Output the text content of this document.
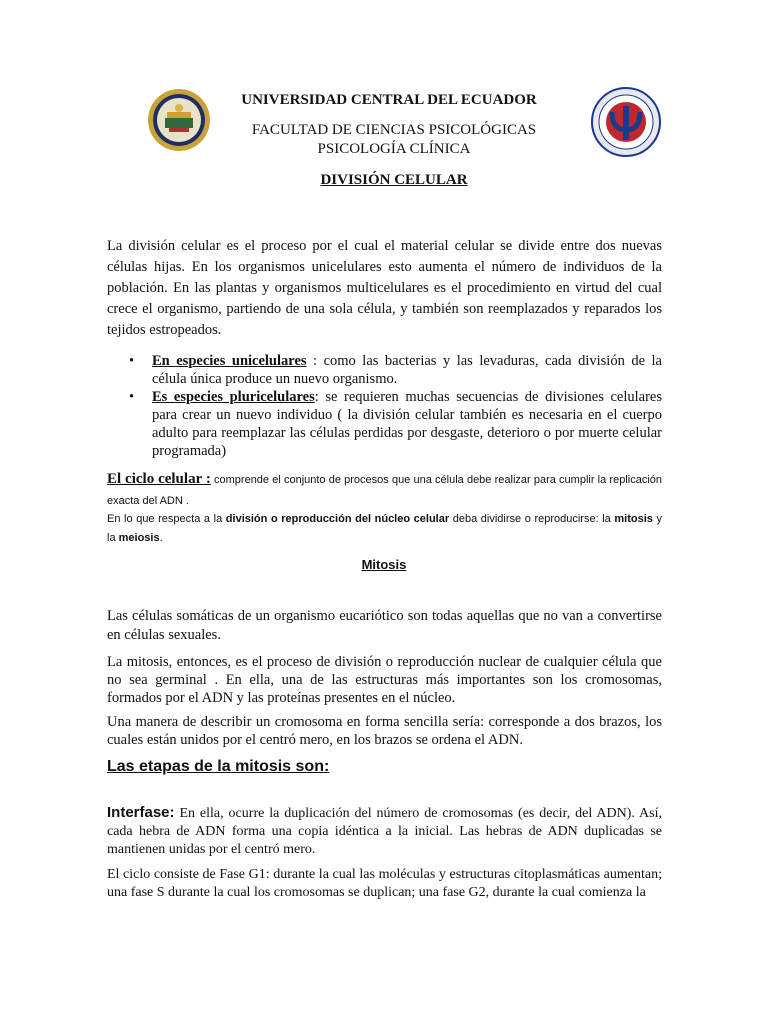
UNIVERSIDAD CENTRAL DEL ECUADOR
FACULTAD DE CIENCIAS PSICOLÓGICAS
PSICOLOGÍA CLÍNICA
DIVISIÓN CELULAR
La división celular es el proceso por el cual el material celular se divide entre dos nuevas células hijas. En los organismos unicelulares esto aumenta el número de individuos de la población. En las plantas y organismos multicelulares es el procedimiento en virtud del cual crece el organismo, partiendo de una sola célula, y también son reemplazados y reparados los tejidos estropeados.
• En especies unicelulares : como las bacterias y las levaduras, cada división de la célula única produce un nuevo organismo.
• Es especies pluricelulares: se requieren muchas secuencias de divisiones celulares para crear un nuevo individuo ( la división celular también es necesaria en el cuerpo adulto para reemplazar las células perdidas por desgaste, deterioro o por muerte celular programada)
El ciclo celular : comprende el conjunto de procesos que una célula debe realizar para cumplir la replicación exacta del ADN .
En lo que respecta a la división o reproducción del núcleo celular deba dividirse o reproducirse: la mitosis y la meiosis.
Mitosis
Las células somáticas de un organismo eucariótico son todas aquellas que no van a convertirse en células sexuales.
La mitosis, entonces, es el proceso de división o reproducción nuclear de cualquier célula que no sea germinal . En ella, una de las estructuras más importantes son los cromosomas, formados por el ADN y las proteínas presentes en el núcleo.
Una manera de describir un cromosoma en forma sencilla sería: corresponde a dos brazos, los cuales están unidos por el centró mero, en los brazos se ordena el ADN.
Las etapas de la mitosis son:
Interfase: En ella, ocurre la duplicación del número de cromosomas (es decir, del ADN). Así, cada hebra de ADN forma una copia idéntica a la inicial. Las hebras de ADN duplicadas se mantienen unidas por el centró mero.
El ciclo consiste de Fase G1: durante la cual las moléculas y estructuras citoplasmáticas aumentan; una fase S durante la cual los cromosomas se duplican; una fase G2, durante la cual comienza la
